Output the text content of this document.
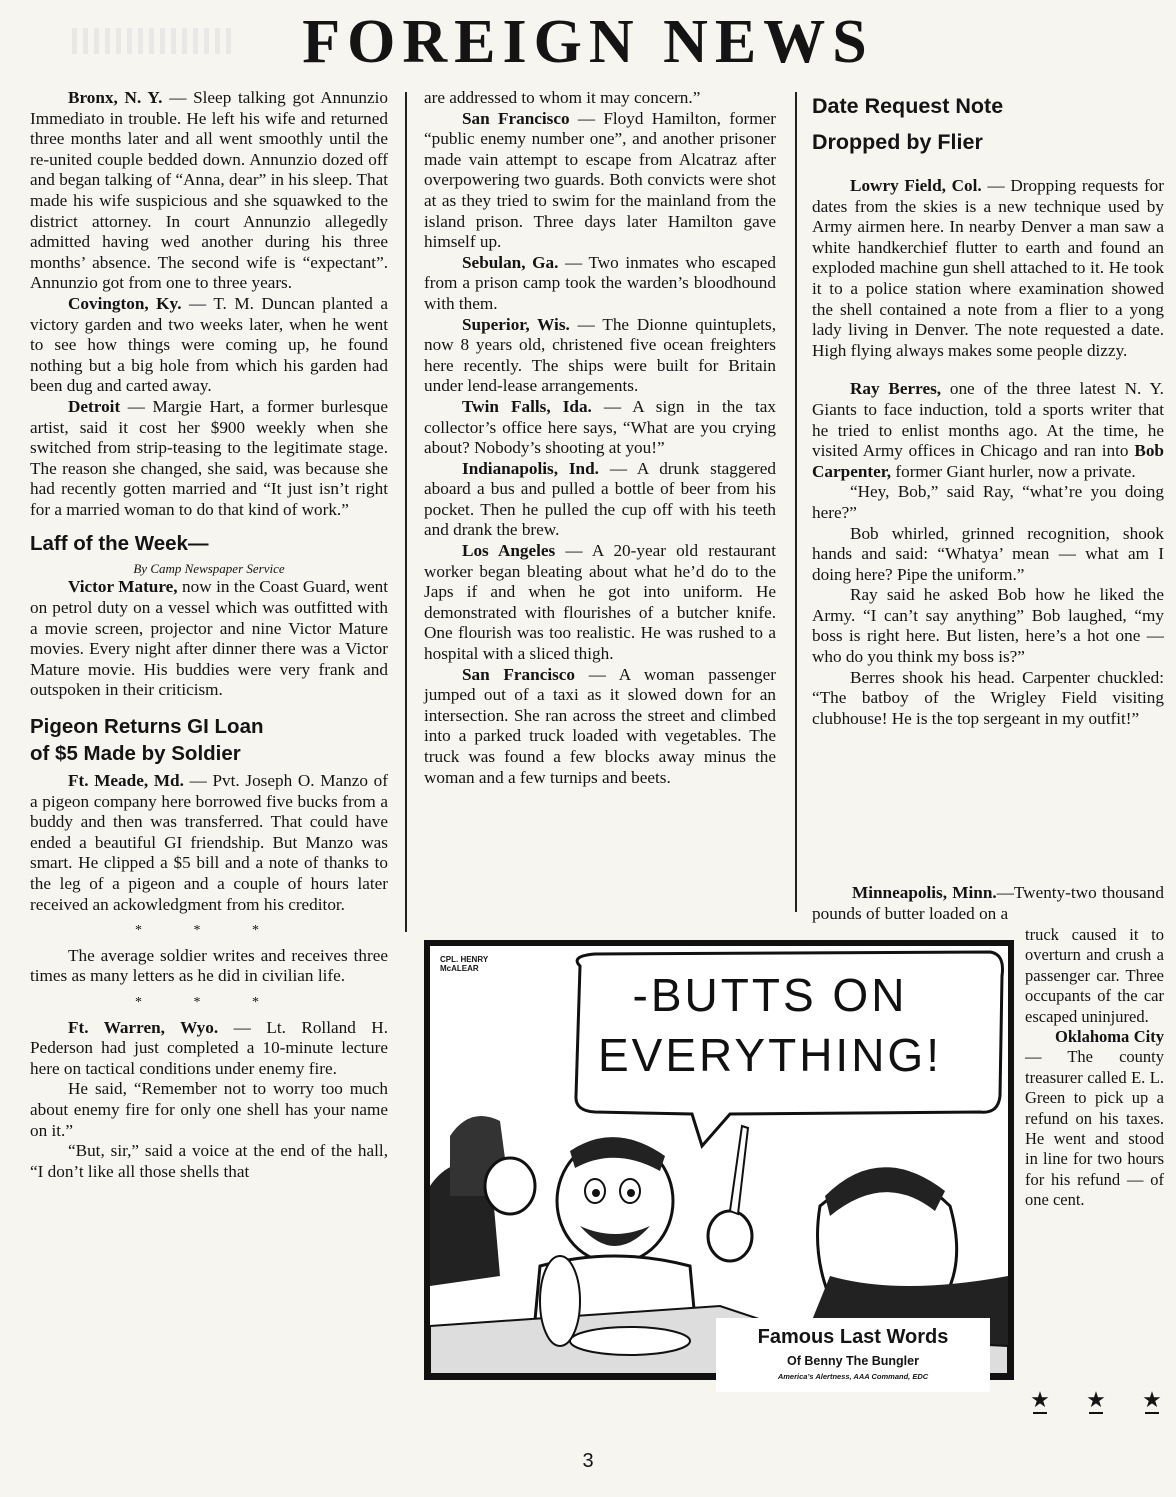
FOREIGN NEWS

Bronx, N. Y. — Sleep talking got Annunzio Immediato in trouble. He left his wife and returned three months later and all went smoothly until the re-united couple bedded down. Annunzio dozed off and began talking of “Anna, dear” in his sleep. That made his wife suspicious and she squawked to the district attorney. In court Annunzio allegedly admitted having wed another during his three months’ absence. The second wife is “expectant”. Annunzio got from one to three years.

Covington, Ky. — T. M. Duncan planted a victory garden and two weeks later, when he went to see how things were coming up, he found nothing but a big hole from which his garden had been dug and carted away.

Detroit — Margie Hart, a former burlesque artist, said it cost her $900 weekly when she switched from strip-teasing to the legitimate stage. The reason she changed, she said, was because she had recently gotten married and “It just isn’t right for a married woman to do that kind of work.”

Laff of the Week—
By Camp Newspaper Service

Victor Mature, now in the Coast Guard, went on petrol duty on a vessel which was outfitted with a movie screen, projector and nine Victor Mature movies. Every night after dinner there was a Victor Mature movie. His buddies were very frank and outspoken in their criticism.

Pigeon Returns GI Loan
of $5 Made by Soldier

Ft. Meade, Md. — Pvt. Joseph O. Manzo of a pigeon company here borrowed five bucks from a buddy and then was transferred. That could have ended a beautiful GI friendship. But Manzo was smart. He clipped a $5 bill and a note of thanks to the leg of a pigeon and a couple of hours later received an ackowledgment from his creditor.

* * *

The average soldier writes and receives three times as many letters as he did in civilian life.

* * *

Ft. Warren, Wyo. — Lt. Rolland H. Pederson had just completed a 10-minute lecture here on tactical conditions under enemy fire.

He said, “Remember not to worry too much about enemy fire for only one shell has your name on it.”

“But, sir,” said a voice at the end of the hall, “I don’t like all those shells that

are addressed to whom it may concern.”

San Francisco — Floyd Hamilton, former “public enemy number one”, and another prisoner made vain attempt to escape from Alcatraz after overpowering two guards. Both convicts were shot at as they tried to swim for the mainland from the island prison. Three days later Hamilton gave himself up.

Sebulan, Ga. — Two inmates who escaped from a prison camp took the warden’s bloodhound with them.

Superior, Wis. — The Dionne quintuplets, now 8 years old, christened five ocean freighters here recently. The ships were built for Britain under lend-lease arrangements.

Twin Falls, Ida. — A sign in the tax collector’s office here says, “What are you crying about? Nobody’s shooting at you!”

Indianapolis, Ind. — A drunk staggered aboard a bus and pulled a bottle of beer from his pocket. Then he pulled the cup off with his teeth and drank the brew.

Los Angeles — A 20-year old restaurant worker began bleating about what he’d do to the Japs if and when he got into uniform. He demonstrated with flourishes of a butcher knife. One flourish was too realistic. He was rushed to a hospital with a sliced thigh.

San Francisco — A woman passenger jumped out of a taxi as it slowed down for an intersection. She ran across the street and climbed into a parked truck loaded with vegetables. The truck was found a few blocks away minus the woman and a few turnips and beets.

Date Request Note
Dropped by Flier

Lowry Field, Col. — Dropping requests for dates from the skies is a new technique used by Army airmen here. In nearby Denver a man saw a white handkerchief flutter to earth and found an exploded machine gun shell attached to it. He took it to a police station where examination showed the shell contained a note from a flier to a yong lady living in Denver. The note requested a date. High flying always makes some people dizzy.

Ray Berres, one of the three latest N. Y. Giants to face induction, told a sports writer that he tried to enlist months ago. At the time, he visited Army offices in Chicago and ran into Bob Carpenter, former Giant hurler, now a private.

“Hey, Bob,” said Ray, “what’re you doing here?”

Bob whirled, grinned recognition, shook hands and said: “Whatya’ mean — what am I doing here? Pipe the uniform.”

Ray said he asked Bob how he liked the Army. “I can’t say anything” Bob laughed, “my boss is right here. But listen, here’s a hot one — who do you think my boss is?”

Berres shook his head. Carpenter chuckled: “The batboy of the Wrigley Field visiting clubhouse! He is the top sergeant in my outfit!”

Minneapolis, Minn.—Twenty-two thousand pounds of butter loaded on a

truck caused it to overturn and crush a passenger car. Three occupants of the car escaped uninjured.

Oklahoma City — The county treasurer called E. L. Green to pick up a refund on his taxes. He went and stood in line for two hours for his refund — of one cent.

CPL. HENRY McALEAR
-BUTTS ON
EVERYTHING!
Famous Last Words
Of Benny The Bungler
America’s Alertness, AAA Command, EDC
★ ★ ★
3
